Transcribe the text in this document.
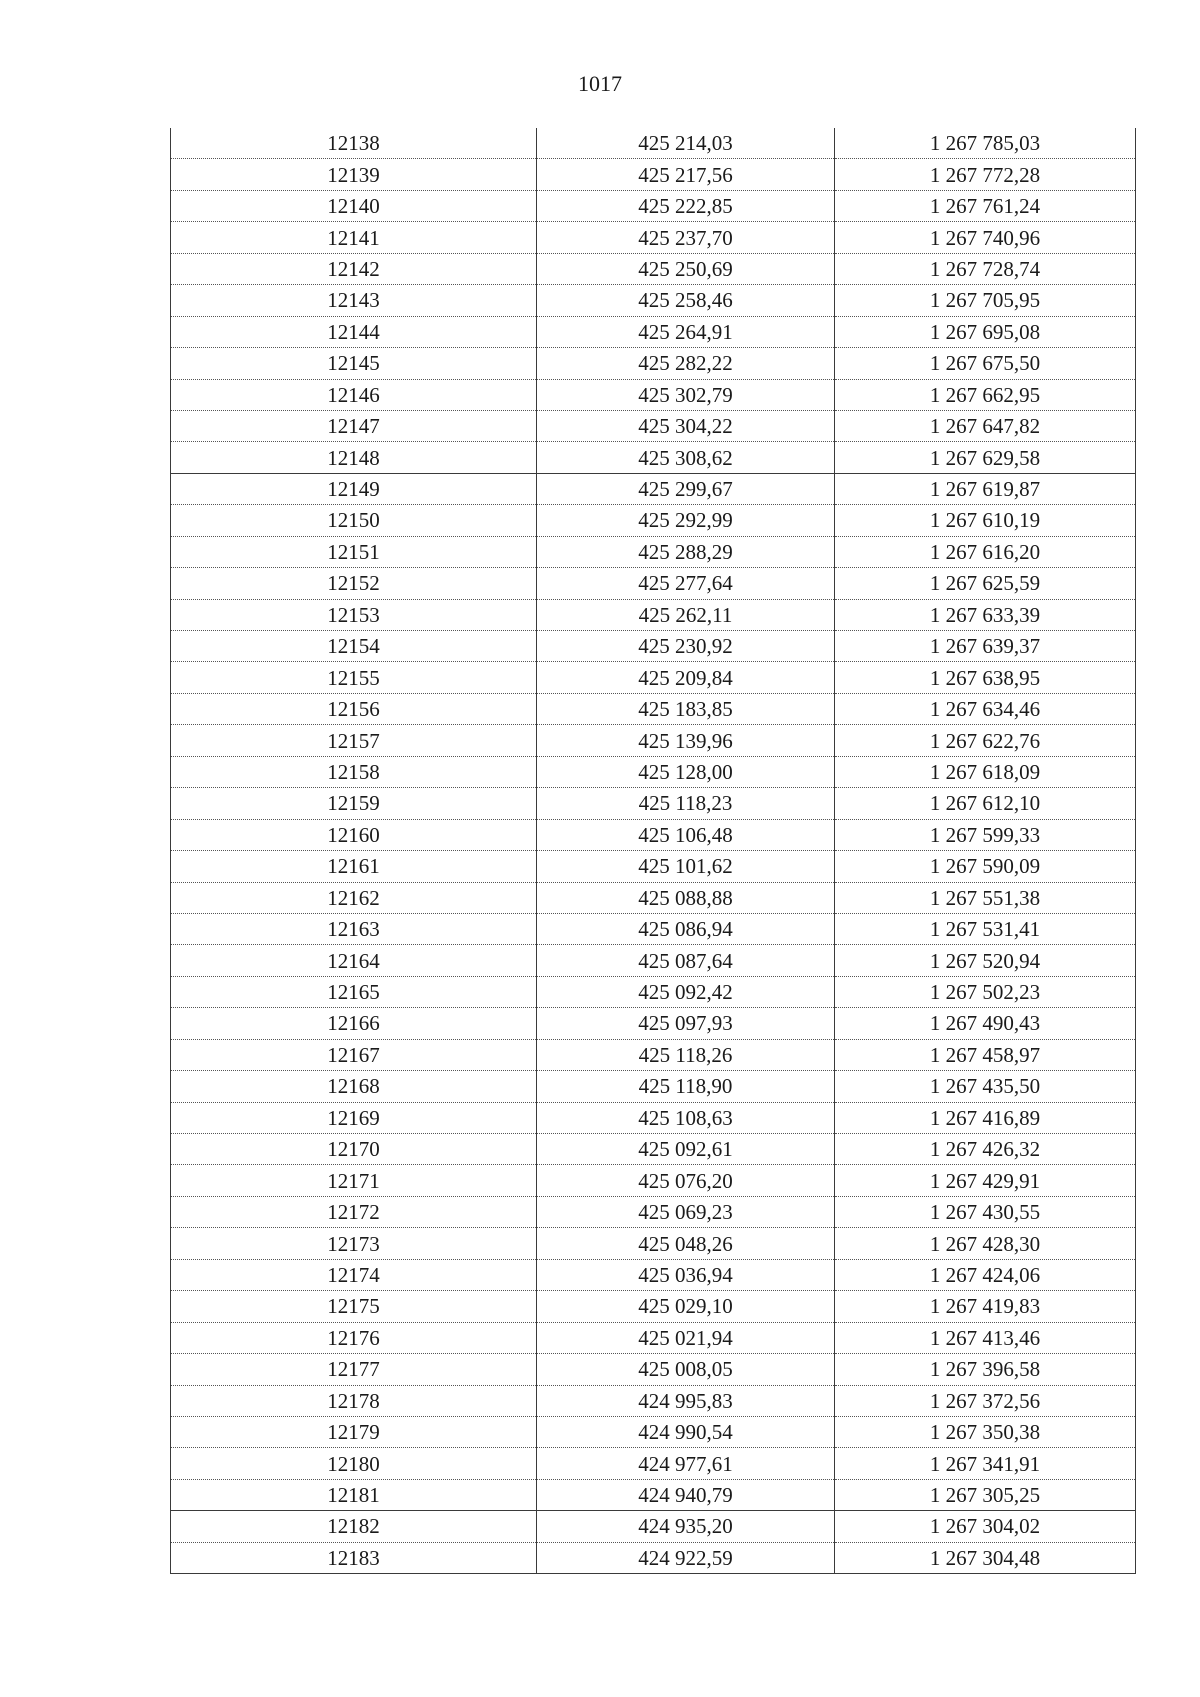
1017
12138	425 214,03	1 267 785,03
12139	425 217,56	1 267 772,28
12140	425 222,85	1 267 761,24
12141	425 237,70	1 267 740,96
12142	425 250,69	1 267 728,74
12143	425 258,46	1 267 705,95
12144	425 264,91	1 267 695,08
12145	425 282,22	1 267 675,50
12146	425 302,79	1 267 662,95
12147	425 304,22	1 267 647,82
12148	425 308,62	1 267 629,58
12149	425 299,67	1 267 619,87
12150	425 292,99	1 267 610,19
12151	425 288,29	1 267 616,20
12152	425 277,64	1 267 625,59
12153	425 262,11	1 267 633,39
12154	425 230,92	1 267 639,37
12155	425 209,84	1 267 638,95
12156	425 183,85	1 267 634,46
12157	425 139,96	1 267 622,76
12158	425 128,00	1 267 618,09
12159	425 118,23	1 267 612,10
12160	425 106,48	1 267 599,33
12161	425 101,62	1 267 590,09
12162	425 088,88	1 267 551,38
12163	425 086,94	1 267 531,41
12164	425 087,64	1 267 520,94
12165	425 092,42	1 267 502,23
12166	425 097,93	1 267 490,43
12167	425 118,26	1 267 458,97
12168	425 118,90	1 267 435,50
12169	425 108,63	1 267 416,89
12170	425 092,61	1 267 426,32
12171	425 076,20	1 267 429,91
12172	425 069,23	1 267 430,55
12173	425 048,26	1 267 428,30
12174	425 036,94	1 267 424,06
12175	425 029,10	1 267 419,83
12176	425 021,94	1 267 413,46
12177	425 008,05	1 267 396,58
12178	424 995,83	1 267 372,56
12179	424 990,54	1 267 350,38
12180	424 977,61	1 267 341,91
12181	424 940,79	1 267 305,25
12182	424 935,20	1 267 304,02
12183	424 922,59	1 267 304,48
